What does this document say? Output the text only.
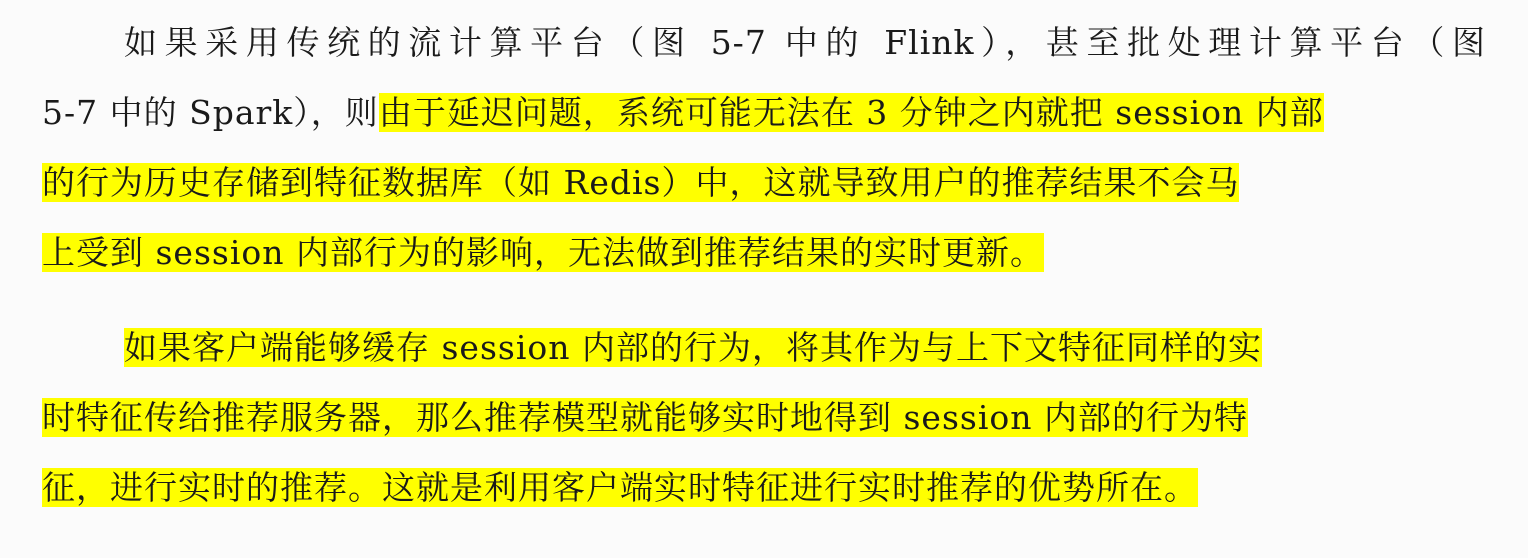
如果采用传统的流计算平台（图 5-7 中的 Flink），甚至批处理计算平台（图
5-7 中的 Spark），则由于延迟问题，系统可能无法在 3 分钟之内就把 session 内部
的行为历史存储到特征数据库（如 Redis）中，这就导致用户的推荐结果不会马
上受到 session 内部行为的影响，无法做到推荐结果的实时更新。
如果客户端能够缓存 session 内部的行为，将其作为与上下文特征同样的实
时特征传给推荐服务器，那么推荐模型就能够实时地得到 session 内部的行为特
征，进行实时的推荐。这就是利用客户端实时特征进行实时推荐的优势所在。
